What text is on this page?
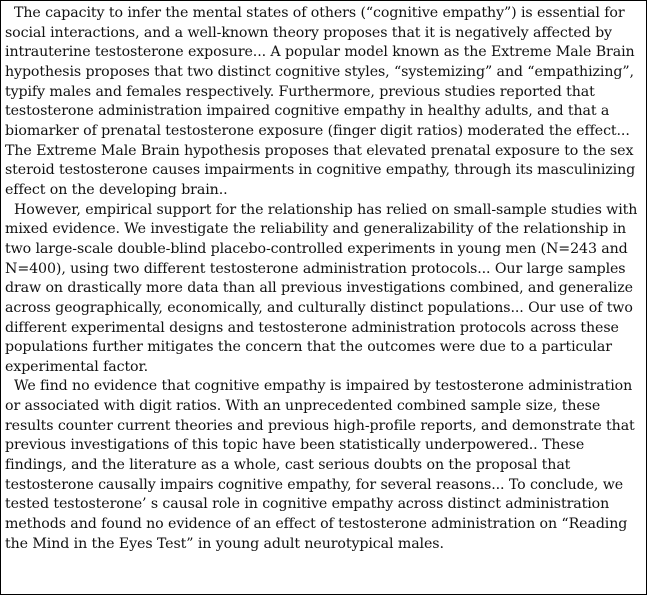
The capacity to infer the mental states of others (“cognitive empathy”) is essential for social interactions, and a well-known theory proposes that it is negatively affected by intrauterine testosterone exposure... A popular model known as the Extreme Male Brain hypothesis proposes that two distinct cognitive styles, “systemizing” and “empathizing”, typify males and females respectively. Furthermore, previous studies reported that testosterone administration impaired cognitive empathy in healthy adults, and that a biomarker of prenatal testosterone exposure (finger digit ratios) moderated the effect... The Extreme Male Brain hypothesis proposes that elevated prenatal exposure to the sex steroid testosterone causes impairments in cognitive empathy, through its masculinizing effect on the developing brain..

However, empirical support for the relationship has relied on small-sample studies with mixed evidence. We investigate the reliability and generalizability of the relationship in two large-scale double-blind placebo-controlled experiments in young men (N=243 and N=400), using two different testosterone administration protocols... Our large samples draw on drastically more data than all previous investigations combined, and generalize across geographically, economically, and culturally distinct populations... Our use of two different experimental designs and testosterone administration protocols across these populations further mitigates the concern that the outcomes were due to a particular experimental factor.

We find no evidence that cognitive empathy is impaired by testosterone administration or associated with digit ratios. With an unprecedented combined sample size, these results counter current theories and previous high-profile reports, and demonstrate that previous investigations of this topic have been statistically underpowered.. These findings, and the literature as a whole, cast serious doubts on the proposal that testosterone causally impairs cognitive empathy, for several reasons... To conclude, we tested testosterone’ s causal role in cognitive empathy across distinct administration methods and found no evidence of an effect of testosterone administration on “Reading the Mind in the Eyes Test” in young adult neurotypical males.
